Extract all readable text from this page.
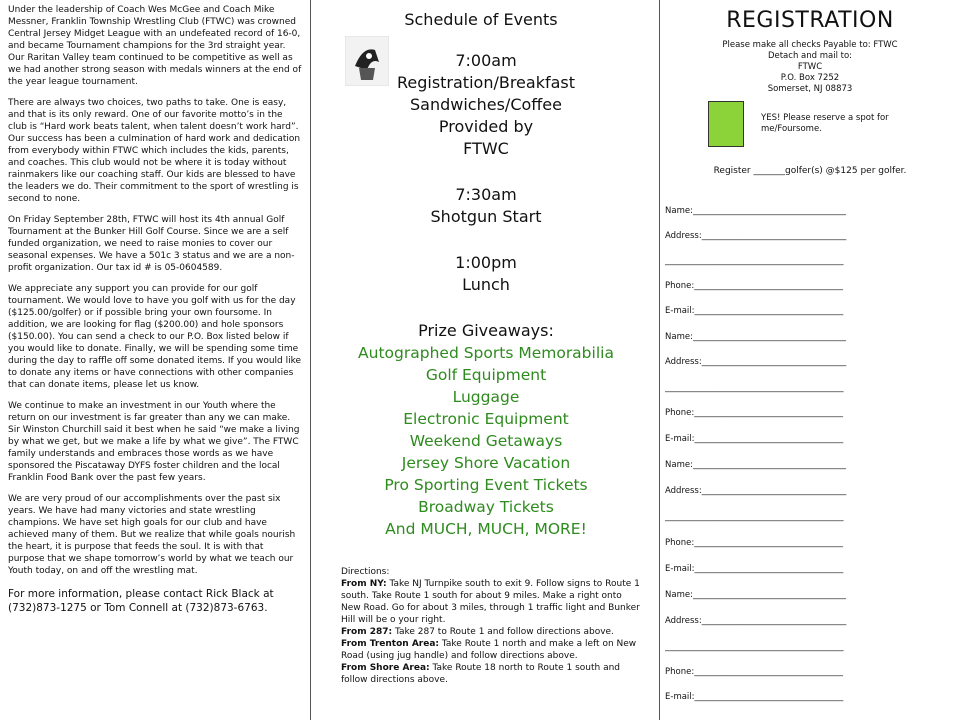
Under the leadership of Coach Wes McGee and Coach Mike Messner, Franklin Township Wrestling Club (FTWC) was crowned Central Jersey Midget League with an undefeated record of 16-0, and became Tournament champions for the 3rd straight year. Our Raritan Valley team continued to be competitive as well as we had another strong season with medals winners at the end of the year league tournament.

There are always two choices, two paths to take. One is easy, and that is its only reward. One of our favorite motto’s in the club is “Hard work beats talent, when talent doesn’t work hard”. Our success has been a culmination of hard work and dedication from everybody within FTWC which includes the kids, parents, and coaches. This club would not be where it is today without rainmakers like our coaching staff. Our kids are blessed to have the leaders we do. Their commitment to the sport of wrestling is second to none.

On Friday September 28th, FTWC will host its 4th annual Golf Tournament at the Bunker Hill Golf Course. Since we are a self funded organization, we need to raise monies to cover our seasonal expenses. We have a 501c 3 status and we are a non-profit organization. Our tax id # is 05-0604589.

We appreciate any support you can provide for our golf tournament. We would love to have you golf with us for the day ($125.00/golfer) or if possible bring your own foursome. In addition, we are looking for flag ($200.00) and hole sponsors ($150.00). You can send a check to our P.O. Box listed below if you would like to donate. Finally, we will be spending some time during the day to raffle off some donated items. If you would like to donate any items or have connections with other companies that can donate items, please let us know.

We continue to make an investment in our Youth where the return on our investment is far greater than any we can make. Sir Winston Churchill said it best when he said “we make a living by what we get, but we make a life by what we give”. The FTWC family understands and embraces those words as we have sponsored the Piscataway DYFS foster children and the local Franklin Food Bank over the past few years.

We are very proud of our accomplishments over the past six years. We have had many victories and state wrestling champions. We have set high goals for our club and have achieved many of them. But we realize that while goals nourish the heart, it is purpose that feeds the soul. It is with that purpose that we shape tomorrow’s world by what we teach our Youth today, on and off the wrestling mat.

For more information, please contact Rick Black at (732)873-1275 or Tom Connell at (732)873-6763.

Schedule of Events

7:00am

Registration/Breakfast

Sandwiches/Coffee

Provided by

FTWC

7:30am

Shotgun Start

1:00pm

Lunch

Prize Giveaways:
Autographed Sports Memorabilia
Golf Equipment
Luggage
Electronic Equipment
Weekend Getaways
Jersey Shore Vacation
Pro Sporting Event Tickets
Broadway Tickets
And MUCH, MUCH, MORE!

Directions:

From NY: Take NJ Turnpike south to exit 9. Follow signs to Route 1 south. Take Route 1 south for about 9 miles. Make a right onto New Road. Go for about 3 miles, through 1 traffic light and Bunker Hill will be o your right.

From 287: Take 287 to Route 1 and follow directions above.

From Trenton Area: Take Route 1 north and make a left on New Road (using jug handle) and follow directions above.

From Shore Area: Take Route 18 north to Route 1 south and follow directions above.

REGISTRATION
Please make all checks Payable to: FTWC
Detach and mail to:
FTWC
P.O. Box 7252
Somerset, NJ 08873
YES! Please reserve a spot for me/Foursome.
Register _______golfer(s) @$125 per golfer.
Name:____________________________________
Address:__________________________________
__________________________________________
Phone:___________________________________
E-mail:___________________________________
Name:____________________________________
Address:__________________________________
__________________________________________
Phone:___________________________________
E-mail:___________________________________
Name:____________________________________
Address:__________________________________
__________________________________________
Phone:___________________________________
E-mail:___________________________________
Name:____________________________________
Address:__________________________________
__________________________________________
Phone:___________________________________
E-mail:___________________________________
